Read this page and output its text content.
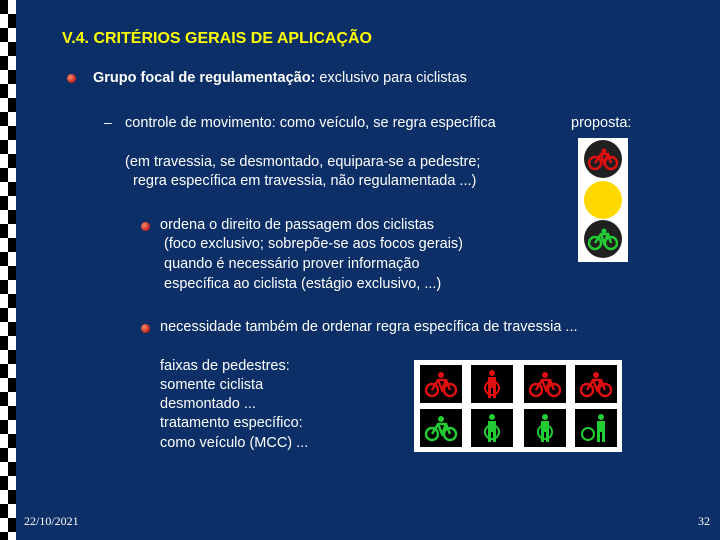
V.4. CRITÉRIOS GERAIS DE APLICAÇÃO
Grupo focal de regulamentação: exclusivo para ciclistas
– controle de movimento: como veículo, se regra específica	proposta:
(em travessia, se desmontado, equipara-se a pedestre;
regra específica em travessia, não regulamentada ...)
ordena o direito de passagem dos ciclistas
(foco exclusivo; sobrepõe-se aos focos gerais)
quando é necessário prover informação
específica ao ciclista (estágio exclusivo, ...)
necessidade também de ordenar regra específica de travessia ...
faixas de pedestres:
somente ciclista
desmontado ...
tratamento específico:
como veículo (MCC) ...
22/10/2021	32
